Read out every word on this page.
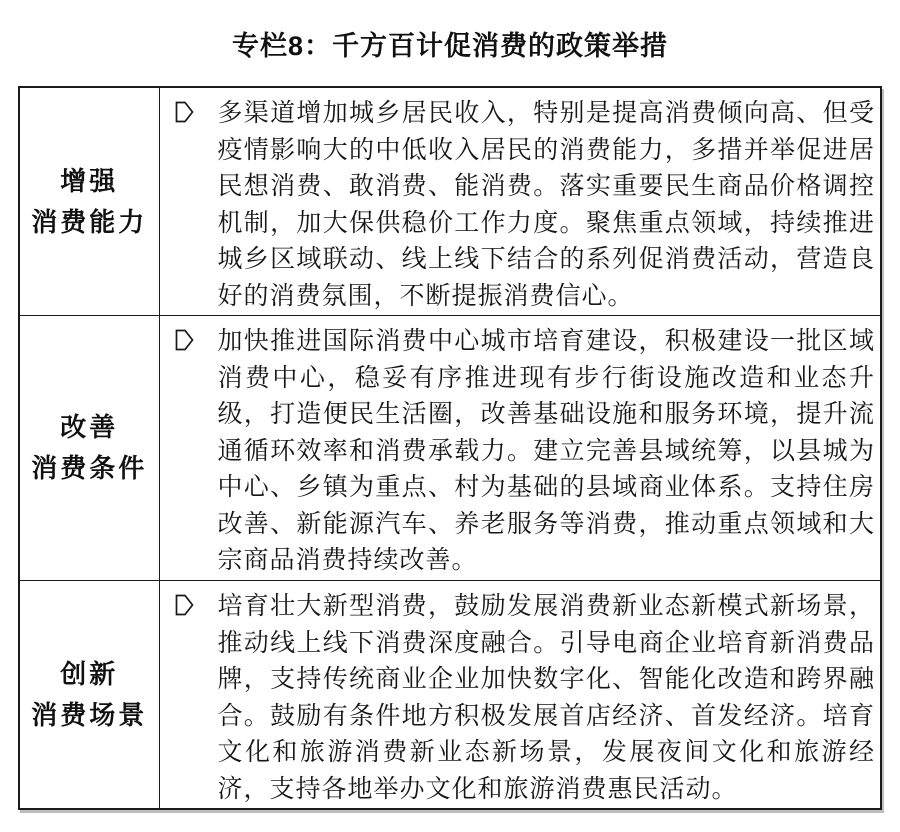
专栏8：千方百计促消费的政策举措
增强
消费能力	多渠道增加城乡居民收入，特别是提高消费倾向高、但受疫情影响大的中低收入居民的消费能力，多措并举促进居民想消费、敢消费、能消费。落实重要民生商品价格调控机制，加大保供稳价工作力度。聚焦重点领域，持续推进城乡区域联动、线上线下结合的系列促消费活动，营造良好的消费氛围，不断提振消费信心。

改善
消费条件	加快推进国际消费中心城市培育建设，积极建设一批区域消费中心，稳妥有序推进现有步行街设施改造和业态升级，打造便民生活圈，改善基础设施和服务环境，提升流通循环效率和消费承载力。建立完善县域统筹，以县城为中心、乡镇为重点、村为基础的县域商业体系。支持住房改善、新能源汽车、养老服务等消费，推动重点领域和大宗商品消费持续改善。

创新
消费场景	培育壮大新型消费，鼓励发展消费新业态新模式新场景，推动线上线下消费深度融合。引导电商企业培育新消费品牌，支持传统商业企业加快数字化、智能化改造和跨界融合。鼓励有条件地方积极发展首店经济、首发经济。培育文化和旅游消费新业态新场景，发展夜间文化和旅游经济，支持各地举办文化和旅游消费惠民活动。
